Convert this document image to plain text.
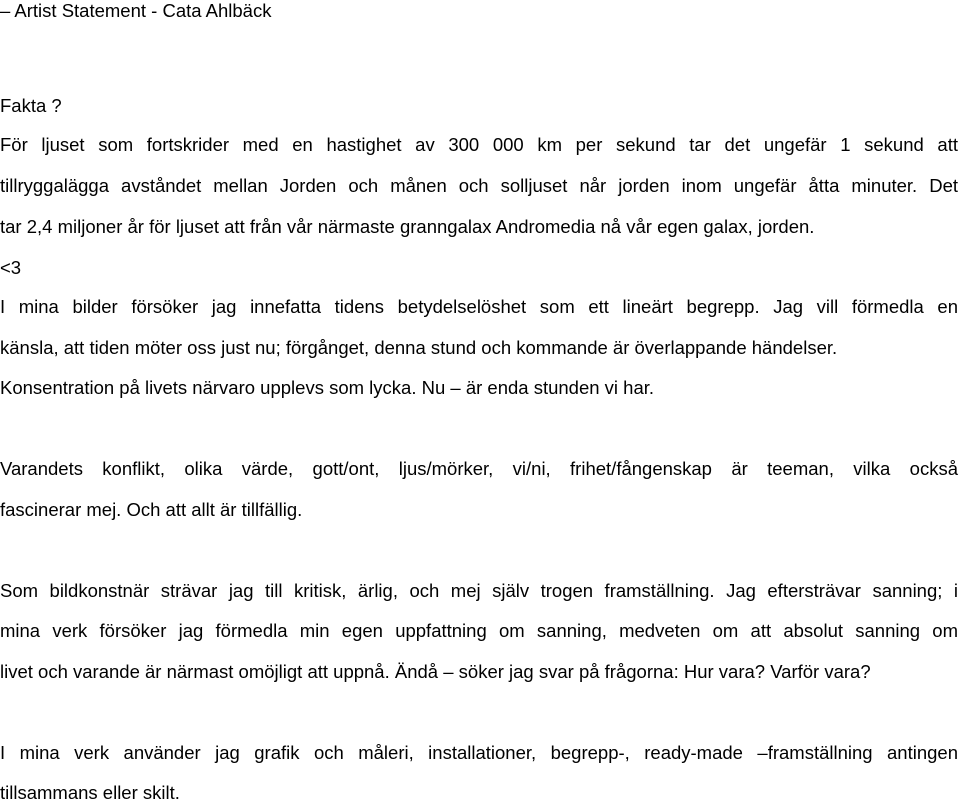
– Artist Statement - Cata Ahlbäck
Fakta ?
För ljuset som fortskrider med en hastighet av 300 000 km per sekund tar det ungefär 1 sekund att
tillryggalägga avståndet mellan Jorden och månen och solljuset når jorden inom ungefär åtta minuter. Det
tar 2,4 miljoner år för ljuset att från vår närmaste granngalax Andromedia nå vår egen galax, jorden.
<3
I mina bilder försöker jag innefatta tidens betydelselöshet som ett lineärt begrepp. Jag vill förmedla en
känsla, att tiden möter oss just nu; förgånget, denna stund och kommande är överlappande händelser.
Konsentration på livets närvaro upplevs som lycka. Nu – är enda stunden vi har.
Varandets konflikt, olika värde, gott/ont, ljus/mörker, vi/ni, frihet/fångenskap är teeman, vilka också
fascinerar mej. Och att allt är tillfällig.
Som bildkonstnär strävar jag till kritisk, ärlig, och mej själv trogen framställning. Jag eftersträvar sanning; i
mina verk försöker jag förmedla min egen uppfattning om sanning, medveten om att absolut sanning om
livet och varande är närmast omöjligt att uppnå. Ändå – söker jag svar på frågorna: Hur vara? Varför vara?
I mina verk använder jag grafik och måleri, installationer, begrepp-, ready-made –framställning antingen
tillsammans eller skilt.
